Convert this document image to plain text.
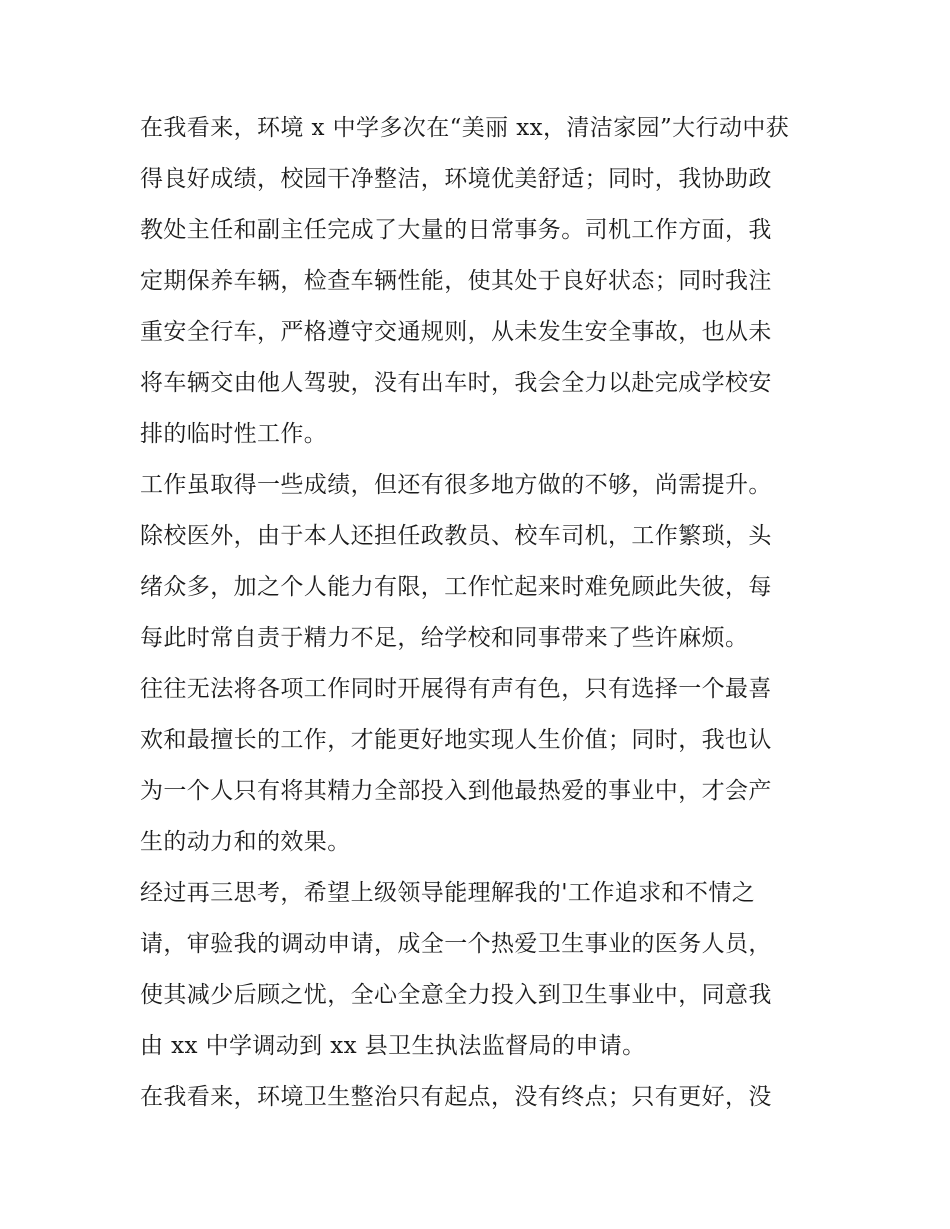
在我看来，环境 x 中学多次在“美丽 xx，清洁家园”大行动中获
得良好成绩，校园干净整洁，环境优美舒适；同时，我协助政
教处主任和副主任完成了大量的日常事务。司机工作方面，我
定期保养车辆，检查车辆性能，使其处于良好状态；同时我注
重安全行车，严格遵守交通规则，从未发生安全事故，也从未
将车辆交由他人驾驶，没有出车时，我会全力以赴完成学校安
排的临时性工作。
工作虽取得一些成绩，但还有很多地方做的不够，尚需提升。
除校医外，由于本人还担任政教员、校车司机，工作繁琐，头
绪众多，加之个人能力有限，工作忙起来时难免顾此失彼，每
每此时常自责于精力不足，给学校和同事带来了些许麻烦。
往往无法将各项工作同时开展得有声有色，只有选择一个最喜
欢和最擅长的工作，才能更好地实现人生价值；同时，我也认
为一个人只有将其精力全部投入到他最热爱的事业中，才会产
生的动力和的效果。
经过再三思考，希望上级领导能理解我的'工作追求和不情之
请，审验我的调动申请，成全一个热爱卫生事业的医务人员，
使其减少后顾之忧，全心全意全力投入到卫生事业中，同意我
由 xx 中学调动到 xx 县卫生执法监督局的申请。
在我看来，环境卫生整治只有起点，没有终点；只有更好，没
